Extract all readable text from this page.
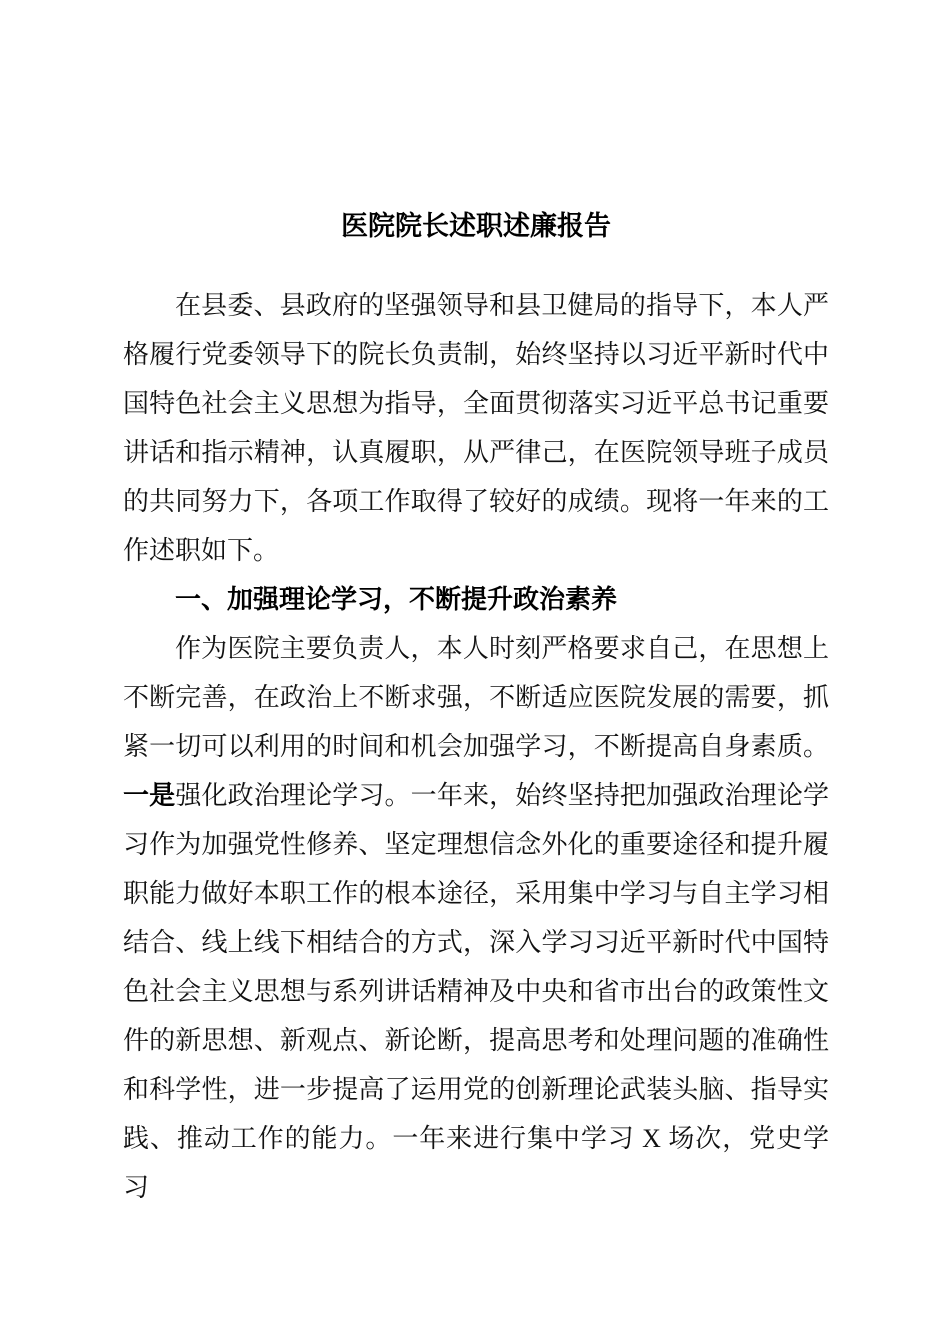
医院院长述职述廉报告

在县委、县政府的坚强领导和县卫健局的指导下，本人严格履行党委领导下的院长负责制，始终坚持以习近平新时代中国特色社会主义思想为指导，全面贯彻落实习近平总书记重要讲话和指示精神，认真履职，从严律己，在医院领导班子成员的共同努力下，各项工作取得了较好的成绩。现将一年来的工作述职如下。

一、加强理论学习，不断提升政治素养

作为医院主要负责人，本人时刻严格要求自己，在思想上不断完善，在政治上不断求强，不断适应医院发展的需要，抓紧一切可以利用的时间和机会加强学习，不断提高自身素质。一是强化政治理论学习。一年来，始终坚持把加强政治理论学习作为加强党性修养、坚定理想信念外化的重要途径和提升履职能力做好本职工作的根本途径，采用集中学习与自主学习相结合、线上线下相结合的方式，深入学习习近平新时代中国特色社会主义思想与系列讲话精神及中央和省市出台的政策性文件的新思想、新观点、新论断，提高思考和处理问题的准确性和科学性，进一步提高了运用党的创新理论武装头脑、指导实践、推动工作的能力。一年来进行集中学习 X 场次，党史学习
